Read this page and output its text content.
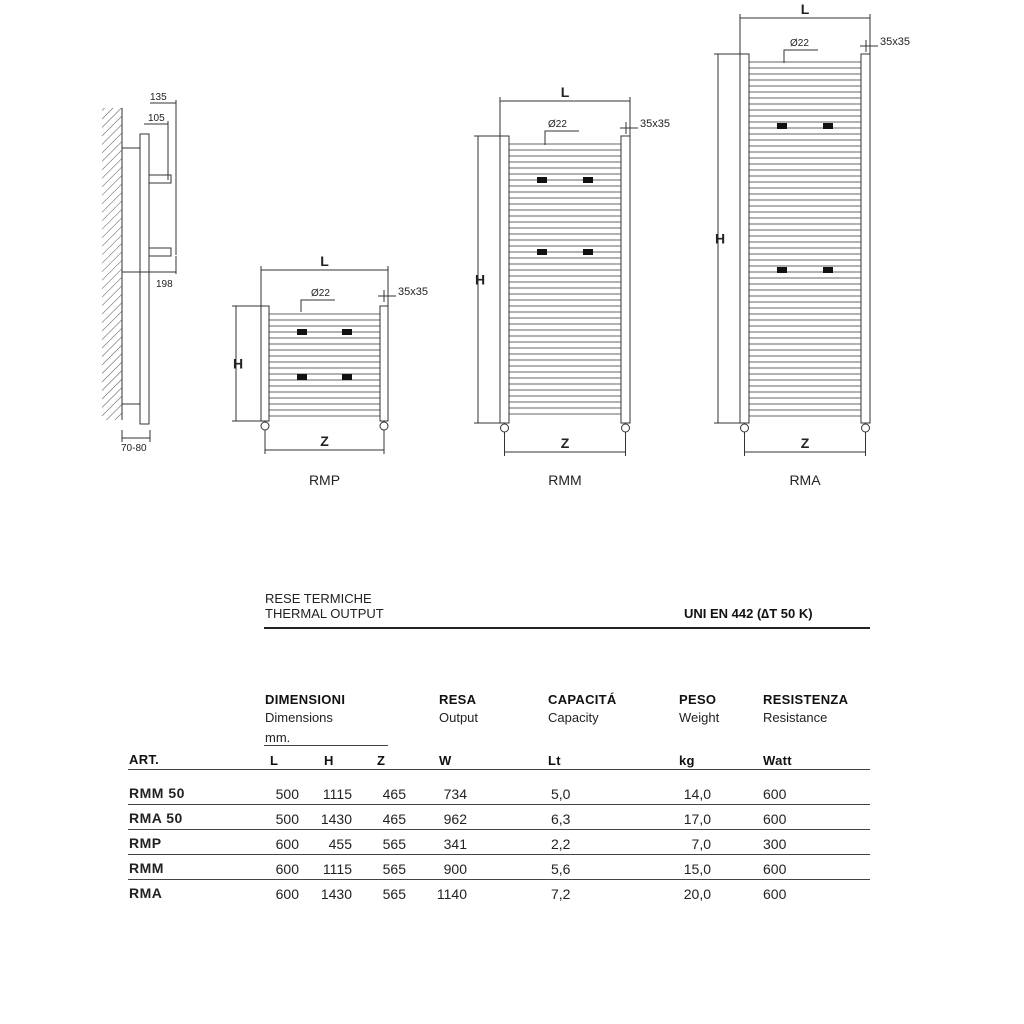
135
105
198
70-80
L
H
Z
Ø22	35x35
RMP
L
H
Z
Ø22	35x35
RMM
L
H
Z
Ø22	35x35
RMA
RESE TERMICHE
THERMAL OUTPUT	UNI EN 442 (∆T 50 K)
DIMENSIONI
Dimensions
mm.
RESA
Output
CAPACITÁ
Capacity
PESO
Weight
RESISTENZA
Resistance
ART.	L	H	Z	W	Lt	kg	Watt
RMM 50	500	1115	465	734	5,0	14,0	600
RMA 50	500	1430	465	962	6,3	17,0	600
RMP	600	455	565	341	2,2	7,0	300
RMM	600	1115	565	900	5,6	15,0	600
RMA	600	1430	565	1140	7,2	20,0	600
